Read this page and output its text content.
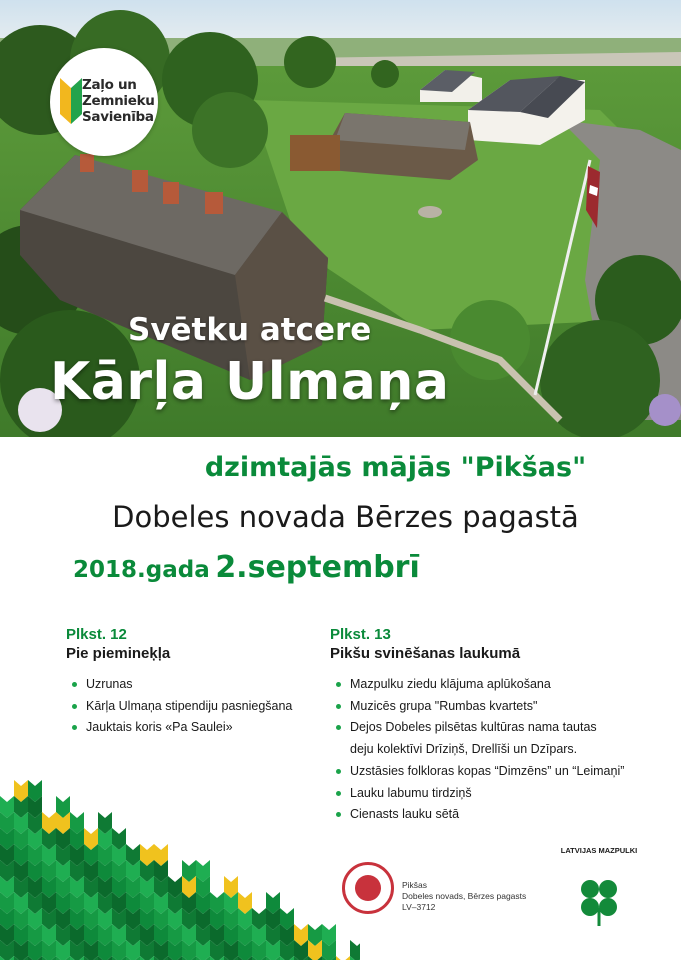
Zaļo un
Zemnieku
Savienība
Svētku atcere
Kārļa Ulmaņa
dzimtajās mājās "Pikšas"
Dobeles novada Bērzes pagastā
2018.gada 2.septembrī
Plkst. 12
Pie piemineķļa
Uzrunas
Kārļa Ulmaņa stipendiju pasniegšana
Jauktais koris «Pa Saulei»
Plkst. 13
Pikšu svinēšanas laukumā
Mazpulku ziedu klājuma aplūkošana
Muzicēs grupa "Rumbas kvartets"
Dejos Dobeles pilsētas kultūras nama tautas
deju kolektīvi Drīziņš, Drellīši un Dzīpars.
Uzstāsies folkloras kopas “Dimzēns” un “Leimaņi”
Lauku labumu tirdziņš
Cienasts lauku sētā
Pikšas
Dobeles novads, Bērzes pagasts
LV–3712
LATVIJAS MAZPULKI
